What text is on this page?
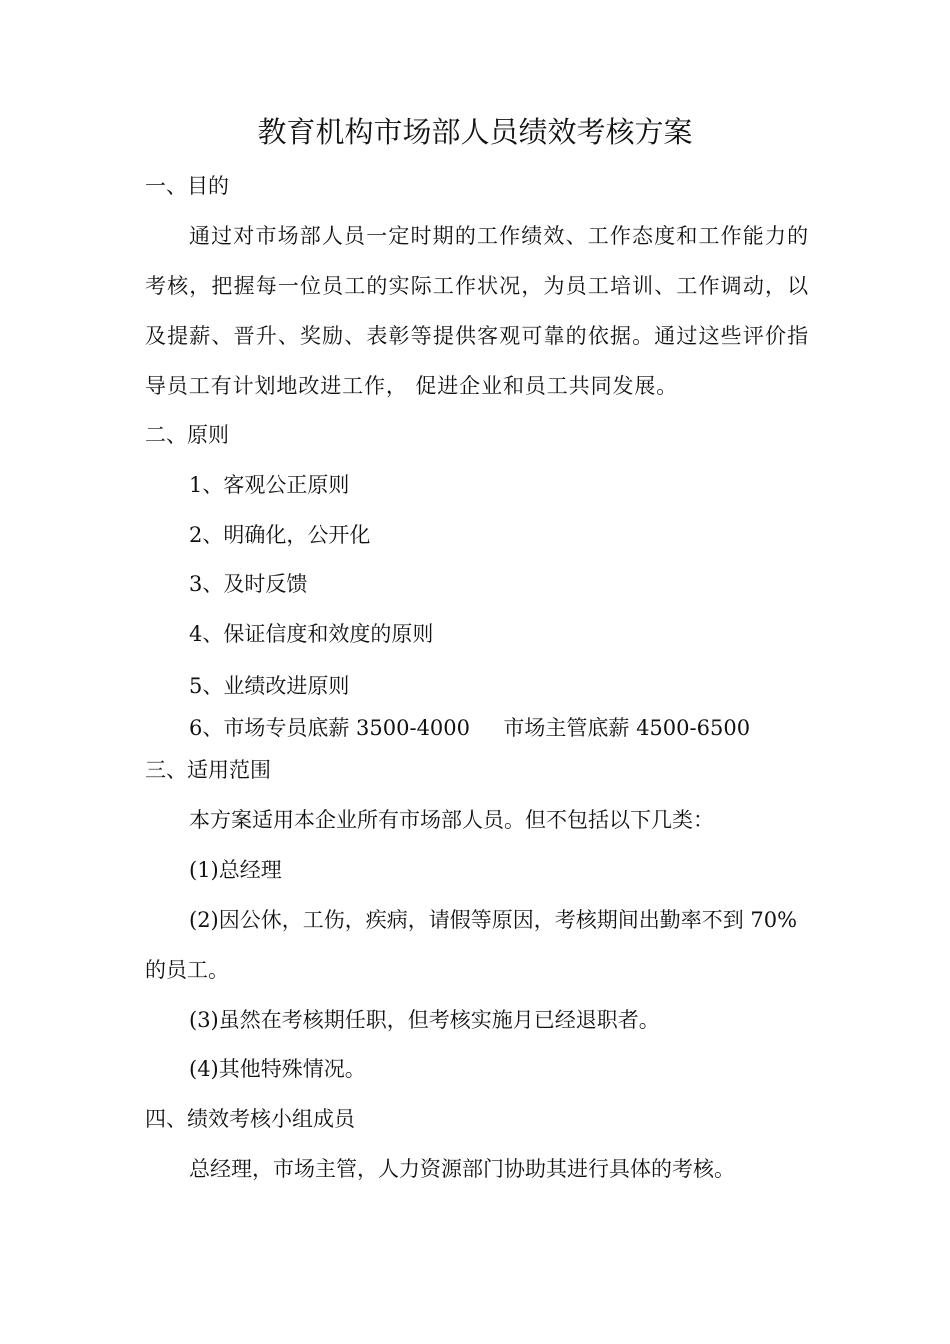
教育机构市场部人员绩效考核方案
一、目的
通过对市场部人员一定时期的工作绩效、工作态度和工作能力的考核，把握每一位员工的实际工作状况，为员工培训、工作调动，以及提薪、晋升、奖励、表彰等提供客观可靠的依据。通过这些评价指导员工有计划地改进工作， 促进企业和员工共同发展。
二、原则
1、客观公正原则
2、明确化，公开化
3、及时反馈
4、保证信度和效度的原则
5、业绩改进原则
6、市场专员底薪 3500-4000     市场主管底薪 4500-6500
三、适用范围
本方案适用本企业所有市场部人员。但不包括以下几类：
(1)总经理
(2)因公休，工伤，疾病，请假等原因，考核期间出勤率不到 70%
的员工。
(3)虽然在考核期任职，但考核实施月已经退职者。
(4)其他特殊情况。
四、绩效考核小组成员
总经理，市场主管，人力资源部门协助其进行具体的考核。
